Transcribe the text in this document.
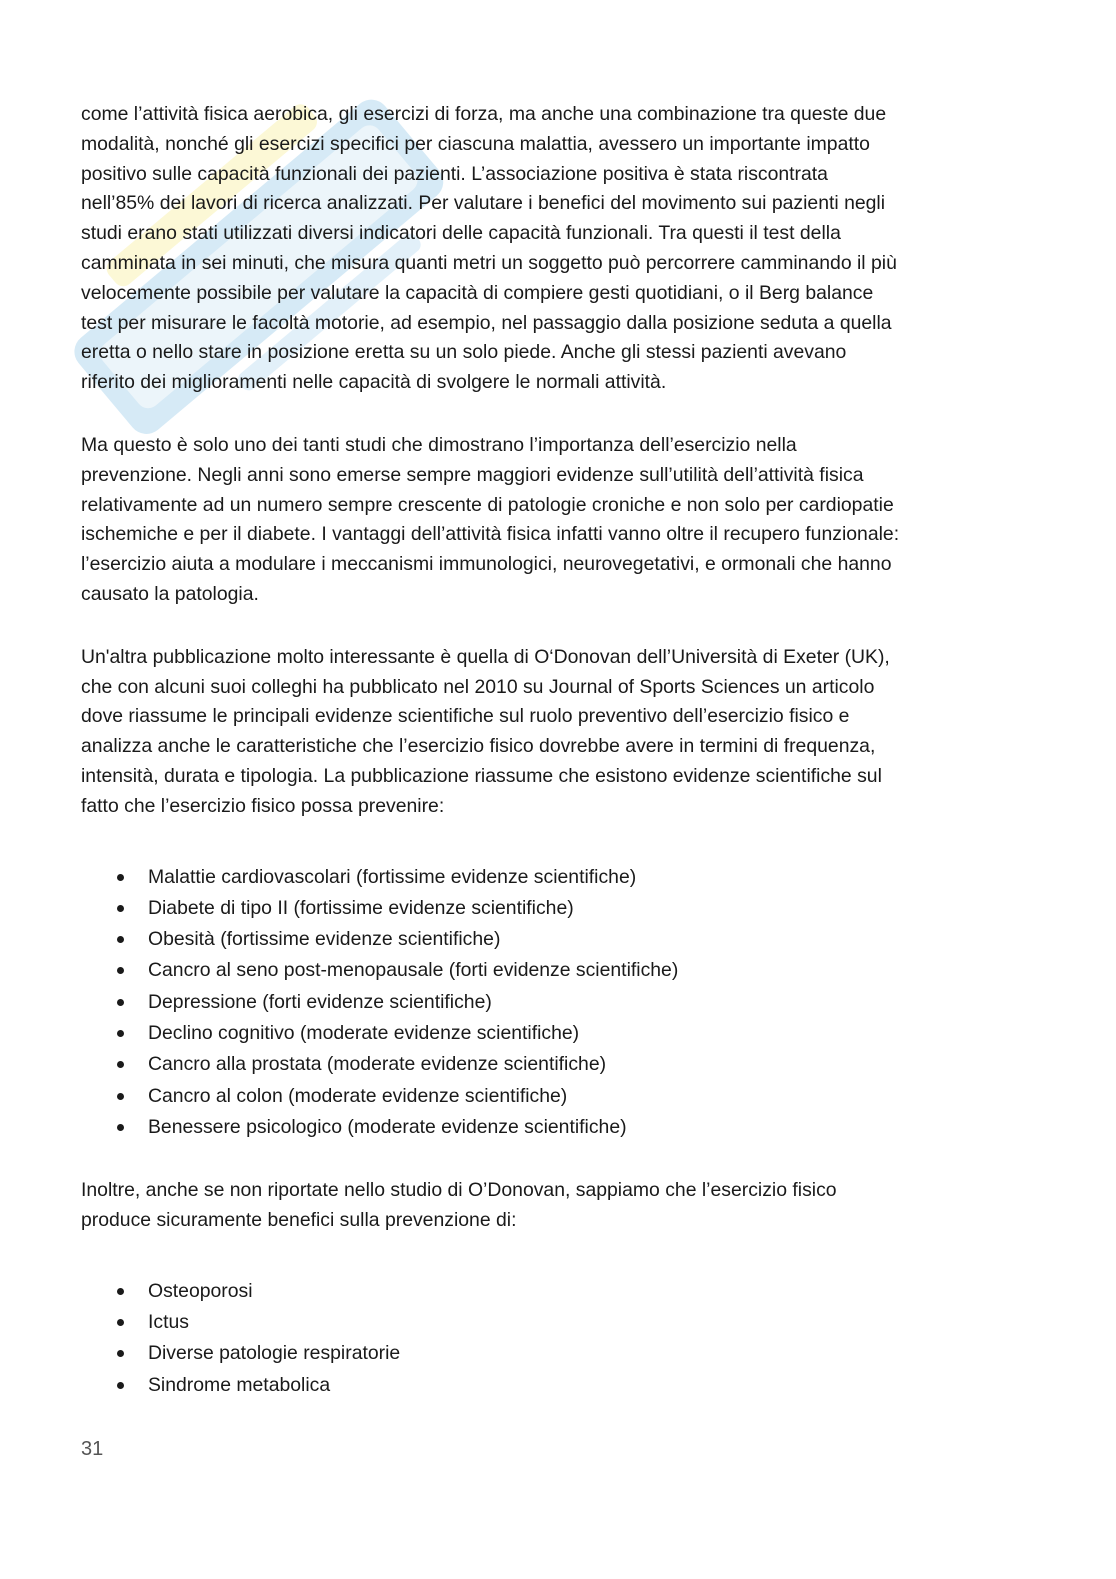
come l’attività fisica aerobica, gli esercizi di forza, ma anche una combinazione tra queste due
modalità, nonché gli esercizi specifici per ciascuna malattia, avessero un importante impatto
positivo sulle capacità funzionali dei pazienti. L’associazione positiva è stata riscontrata
nell’85% dei lavori di ricerca analizzati. Per valutare i benefici del movimento sui pazienti negli
studi erano stati utilizzati diversi indicatori delle capacità funzionali. Tra questi il test della
camminata in sei minuti, che misura quanti metri un soggetto può percorrere camminando il più
velocemente possibile per valutare la capacità di compiere gesti quotidiani, o il Berg balance
test per misurare le facoltà motorie, ad esempio, nel passaggio dalla posizione seduta a quella
eretta o nello stare in posizione eretta su un solo piede. Anche gli stessi pazienti avevano
riferito dei miglioramenti nelle capacità di svolgere le normali attività.

Ma questo è solo uno dei tanti studi che dimostrano l’importanza dell’esercizio nella
prevenzione. Negli anni sono emerse sempre maggiori evidenze sull’utilità dell’attività fisica
relativamente ad un numero sempre crescente di patologie croniche e non solo per cardiopatie
ischemiche e per il diabete. I vantaggi dell’attività fisica infatti vanno oltre il recupero funzionale:
l’esercizio aiuta a modulare i meccanismi immunologici, neurovegetativi, e ormonali che hanno
causato la patologia.

Un'altra pubblicazione molto interessante è quella di O‘Donovan dell’Università di Exeter (UK),
che con alcuni suoi colleghi ha pubblicato nel 2010 su Journal of Sports Sciences un articolo
dove riassume le principali evidenze scientifiche sul ruolo preventivo dell’esercizio fisico e
analizza anche le caratteristiche che l’esercizio fisico dovrebbe avere in termini di frequenza,
intensità, durata e tipologia. La pubblicazione riassume che esistono evidenze scientifiche sul
fatto che l’esercizio fisico possa prevenire:

Malattie cardiovascolari (fortissime evidenze scientifiche)
Diabete di tipo II (fortissime evidenze scientifiche)
Obesità (fortissime evidenze scientifiche)
Cancro al seno post-menopausale (forti evidenze scientifiche)
Depressione (forti evidenze scientifiche)
Declino cognitivo (moderate evidenze scientifiche)
Cancro alla prostata (moderate evidenze scientifiche)
Cancro al colon (moderate evidenze scientifiche)
Benessere psicologico (moderate evidenze scientifiche)

Inoltre, anche se non riportate nello studio di O’Donovan, sappiamo che l’esercizio fisico
produce sicuramente benefici sulla prevenzione di:

Osteoporosi
Ictus
Diverse patologie respiratorie
Sindrome metabolica
31
